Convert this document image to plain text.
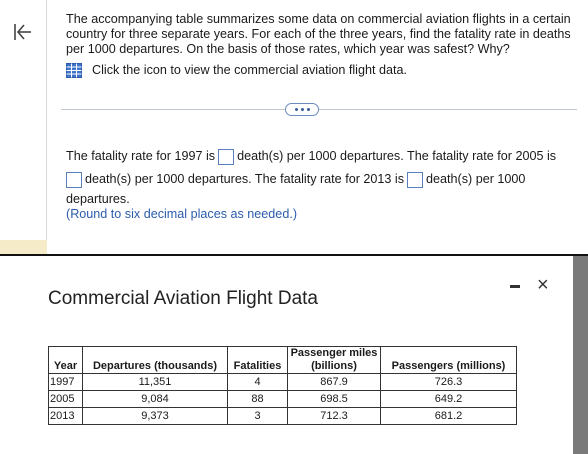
The accompanying table summarizes some data on commercial aviation flights in a certain country for three separate years. For each of the three years, find the fatality rate in deaths per 1000 departures. On the basis of those rates, which year was safest? Why?

Click the icon to view the commercial aviation flight data.
The fatality rate for 1997 is death(s) per 1000 departures. The fatality rate for 2005 is
death(s) per 1000 departures. The fatality rate for 2013 is death(s) per 1000
departures.
(Round to six decimal places as needed.)
Commercial Aviation Flight Data
×
Year	Departures (thousands)	Fatalities	Passenger miles (billions)	Passengers (millions)
1997	11,351	4	867.9	726.3
2005	9,084	88	698.5	649.2
2013	9,373	3	712.3	681.2
